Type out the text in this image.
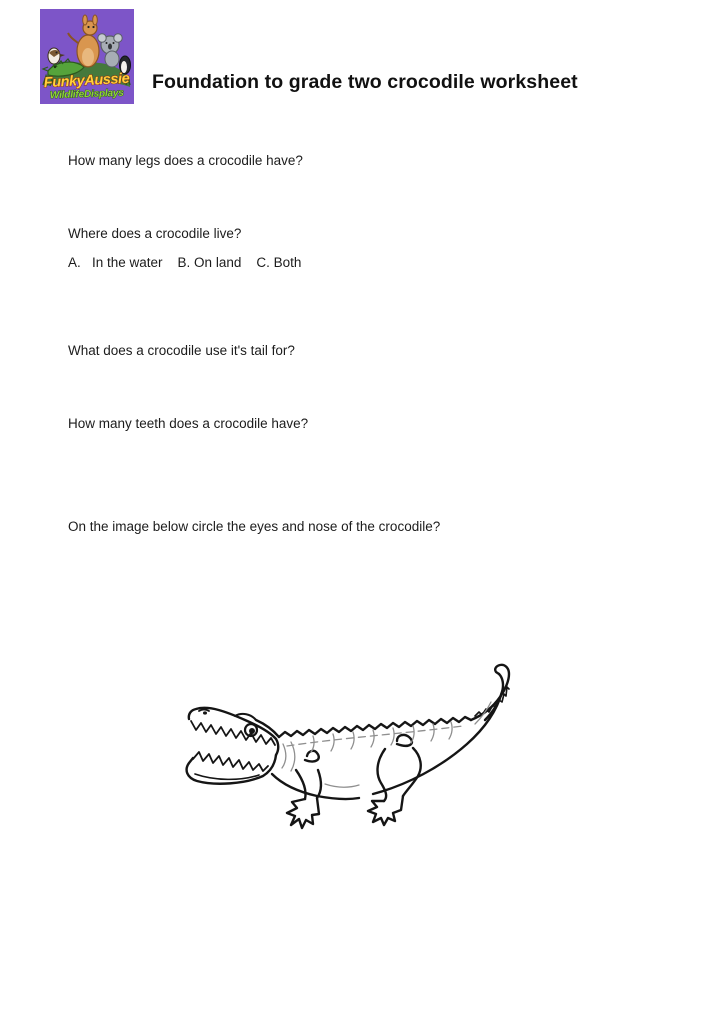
FunkyAussie
WildlifeDisplays
Foundation to grade two crocodile worksheet
How many legs does a crocodile have?
Where does a crocodile live?
A.   In the water    B. On land    C. Both
What does a crocodile use it's tail for?
How many teeth does a crocodile have?
On the image below circle the eyes and nose of the crocodile?
